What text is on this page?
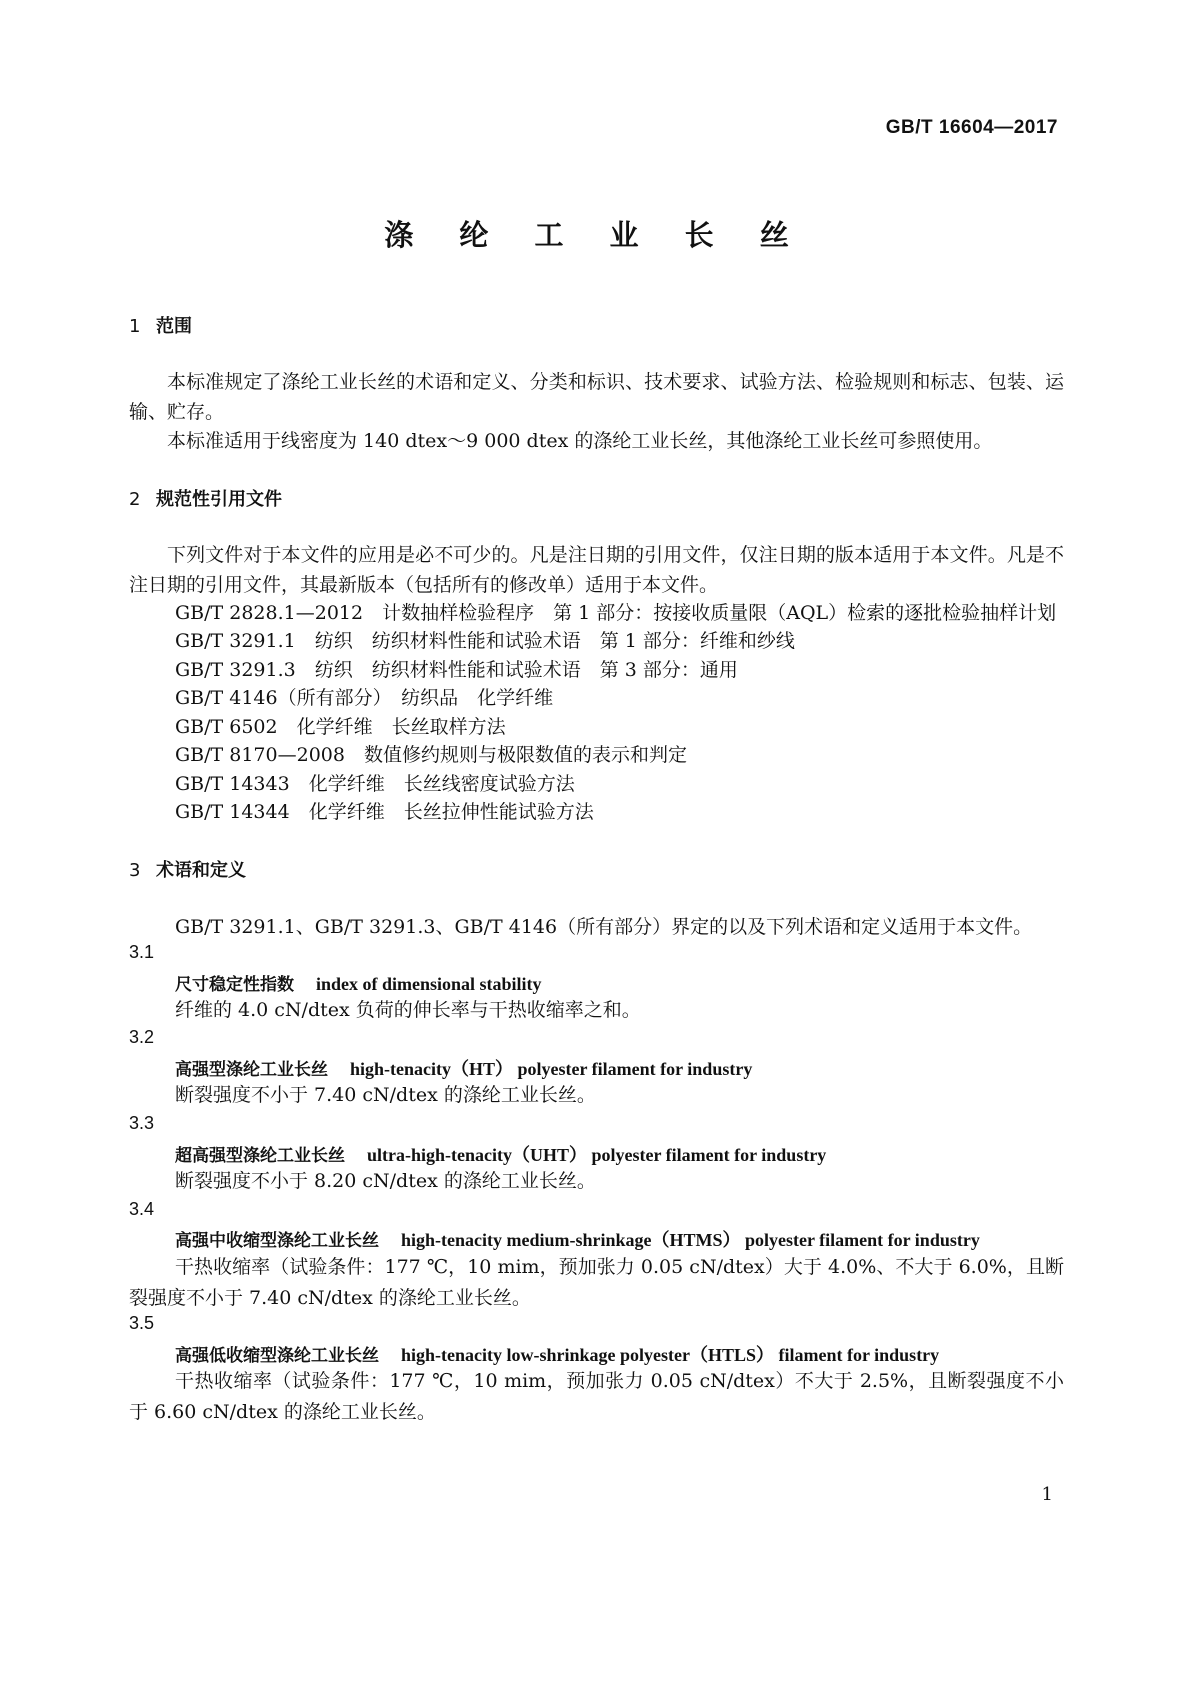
GB/T 16604—2017
涤 纶 工 业 长 丝
1 范围
本标准规定了涤纶工业长丝的术语和定义、分类和标识、技术要求、试验方法、检验规则和标志、包装、运输、贮存。
本标准适用于线密度为 140 dtex～9 000 dtex 的涤纶工业长丝，其他涤纶工业长丝可参照使用。
2 规范性引用文件
下列文件对于本文件的应用是必不可少的。凡是注日期的引用文件，仅注日期的版本适用于本文件。凡是不注日期的引用文件，其最新版本（包括所有的修改单）适用于本文件。
GB/T 2828.1—2012　计数抽样检验程序　第 1 部分：按接收质量限（AQL）检索的逐批检验抽样计划
GB/T 3291.1　纺织　纺织材料性能和试验术语　第 1 部分：纤维和纱线
GB/T 3291.3　纺织　纺织材料性能和试验术语　第 3 部分：通用
GB/T 4146（所有部分）　纺织品　化学纤维
GB/T 6502　化学纤维　长丝取样方法
GB/T 8170—2008　数值修约规则与极限数值的表示和判定
GB/T 14343　化学纤维　长丝线密度试验方法
GB/T 14344　化学纤维　长丝拉伸性能试验方法
3 术语和定义
GB/T 3291.1、GB/T 3291.3、GB/T 4146（所有部分）界定的以及下列术语和定义适用于本文件。
3.1
尺寸稳定性指数 index of dimensional stability
纤维的 4.0 cN/dtex 负荷的伸长率与干热收缩率之和。
3.2
高强型涤纶工业长丝 high-tenacity（HT） polyester filament for industry
断裂强度不小于 7.40 cN/dtex 的涤纶工业长丝。
3.3
超高强型涤纶工业长丝 ultra-high-tenacity（UHT） polyester filament for industry
断裂强度不小于 8.20 cN/dtex 的涤纶工业长丝。
3.4
高强中收缩型涤纶工业长丝 high-tenacity medium-shrinkage（HTMS） polyester filament for industry
干热收缩率（试验条件：177 ℃，10 mim，预加张力 0.05 cN/dtex）大于 4.0%、不大于 6.0%，且断裂强度不小于 7.40 cN/dtex 的涤纶工业长丝。
3.5
高强低收缩型涤纶工业长丝 high-tenacity low-shrinkage polyester（HTLS） filament for industry
干热收缩率（试验条件：177 ℃，10 mim，预加张力 0.05 cN/dtex）不大于 2.5%，且断裂强度不小于 6.60 cN/dtex 的涤纶工业长丝。
1
